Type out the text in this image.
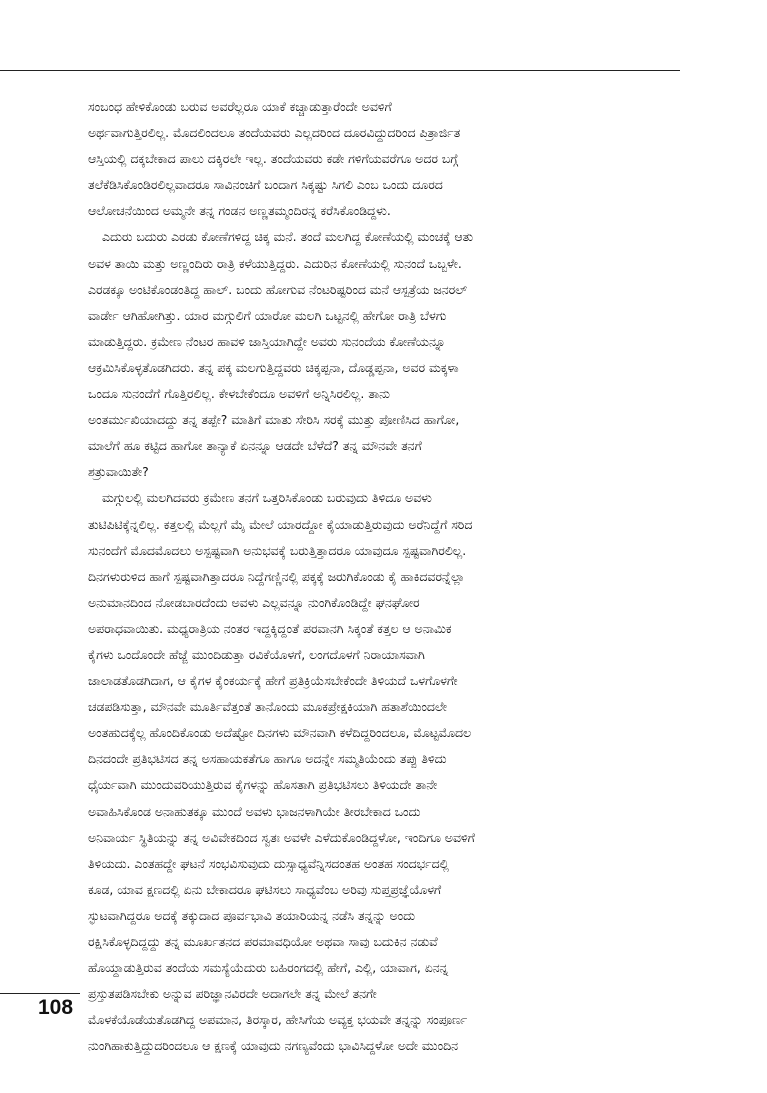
ಸಂಬಂಧ ಹೇಳಿಕೊಂಡು ಬರುವ ಅವರೆಲ್ಲರೂ ಯಾಕೆ ಕಚ್ಚಾಡುತ್ತಾರೆಂದೇ ಅವಳಿಗೆ
ಅರ್ಥವಾಗುತ್ತಿರಲಿಲ್ಲ. ಮೊದಲಿಂದಲೂ ತಂದೆಯವರು ಎಲ್ಲದರಿಂದ ದೂರವಿದ್ದುದರಿಂದ ಪಿತ್ರಾರ್ಜಿತ
ಆಸ್ತಿಯಲ್ಲಿ ದಕ್ಕಬೇಕಾದ ಪಾಲು ದಕ್ಕಿರಲೇ ಇಲ್ಲ. ತಂದೆಯವರು ಕಡೇ ಗಳಿಗೆಯವರೆಗೂ ಅದರ ಬಗ್ಗೆ
ತಲೆಕೆಡಿಸಿಕೊಂಡಿರಲಿಲ್ಲವಾದರೂ ಸಾವಿನಂಚಿಗೆ ಬಂದಾಗ ಸಿಕ್ಕಷ್ಟು ಸಿಗಲಿ ಎಂಬ ಒಂದು ದೂರದ
ಆಲೋಚನೆಯಿಂದ ಅಮ್ಮನೇ ತನ್ನ ಗಂಡನ ಅಣ್ಣತಮ್ಮಂದಿರನ್ನ ಕರೆಸಿಕೊಂಡಿದ್ದಳು.
ಎದುರು ಬದುರು ಎರಡು ಕೋಣೆಗಳಿದ್ದ ಚಿಕ್ಕ ಮನೆ. ತಂದೆ ಮಲಗಿದ್ದ ಕೋಣೆಯಲ್ಲಿ ಮಂಚಕ್ಕೆ ಆತು
ಅವಳ ತಾಯಿ ಮತ್ತು ಅಣ್ಣಂದಿರು ರಾತ್ರಿ ಕಳೆಯುತ್ತಿದ್ದರು. ಎದುರಿನ ಕೋಣೆಯಲ್ಲಿ ಸುನಂದೆ ಒಬ್ಬಳೇ.
ಎರಡಕ್ಕೂ ಅಂಟಿಕೊಂಡಂತಿದ್ದ ಹಾಲ್. ಬಂದು ಹೋಗುವ ನೆಂಟರಿಷ್ಟರಿಂದ ಮನೆ ಆಸ್ಪತ್ರೆಯ ಜನರಲ್
ವಾರ್ಡೇ ಆಗಿಹೋಗಿತ್ತು. ಯಾರ ಮಗ್ಗುಲಿಗೆ ಯಾರೋ ಮಲಗಿ ಒಟ್ಟನಲ್ಲಿ ಹೇಗೋ ರಾತ್ರಿ ಬೆಳಗು
ಮಾಡುತ್ತಿದ್ದರು. ಕ್ರಮೇಣ ನೆಂಟರ ಹಾವಳಿ ಜಾಸ್ತಿಯಾಗಿದ್ದೇ ಅವರು ಸುನಂದೆಯ ಕೋಣೆಯನ್ನೂ
ಆಕ್ರಮಿಸಿಕೊಳ್ಳತೊಡಗಿದರು. ತನ್ನ ಪಕ್ಕ ಮಲಗುತ್ತಿದ್ದವರು ಚಿಕ್ಕಪ್ಪನಾ, ದೊಡ್ಡಪ್ಪನಾ, ಅವರ ಮಕ್ಕಳಾ
ಒಂದೂ ಸುನಂದೆಗೆ ಗೊತ್ತಿರಲಿಲ್ಲ. ಕೇಳಬೇಕೆಂದೂ ಅವಳಿಗೆ ಅನ್ನಿಸಿರಲಿಲ್ಲ. ತಾನು
ಅಂತರ್ಮುಖಿಯಾದದ್ದು ತನ್ನ ತಪ್ಪೇ? ಮಾತಿಗೆ ಮಾತು ಸೇರಿಸಿ ಸರಕ್ಕೆ ಮುತ್ತು ಪೋಣಿಸಿದ ಹಾಗೋ,
ಮಾಲೆಗೆ ಹೂ ಕಟ್ಟಿದ ಹಾಗೋ ತಾನ್ಯಾಕೆ ಏನನ್ನೂ ಆಡದೇ ಬೆಳೆದೆ? ತನ್ನ ಮೌನವೇ ತನಗೆ
ಶತ್ರುವಾಯಿತೇ?
ಮಗ್ಗುಲಲ್ಲಿ ಮಲಗಿದವರು ಕ್ರಮೇಣ ತನಗೆ ಒತ್ತರಿಸಿಕೊಂಡು ಬರುವುದು ತಿಳಿದೂ ಅವಳು
ತುಟಿಪಿಟಿಕ್ಕೆನ್ನಲಿಲ್ಲ. ಕತ್ತಲಲ್ಲಿ ಮೆಲ್ಲಗೆ ಮೈ ಮೇಲೆ ಯಾರದ್ದೋ ಕೈಯಾಡುತ್ತಿರುವುದು ಅರೆನಿದ್ದೆಗೆ ಸರಿದ
ಸುನಂದೆಗೆ ಮೊದಮೊದಲು ಅಸ್ಪಷ್ಟವಾಗಿ ಅನುಭವಕ್ಕೆ ಬರುತ್ತಿತ್ತಾದರೂ ಯಾವುದೂ ಸ್ಪಷ್ಟವಾಗಿರಲಿಲ್ಲ.
ದಿನಗಳುರುಳಿದ ಹಾಗೆ ಸ್ಪಷ್ಟವಾಗಿತ್ತಾದರೂ ನಿದ್ದೆಗಣ್ಣಿನಲ್ಲಿ ಪಕ್ಕಕ್ಕೆ ಜರುಗಿಕೊಂಡು ಕೈ ಹಾಕಿದವರನ್ನೆಲ್ಲಾ
ಅನುಮಾನದಿಂದ ನೋಡಬಾರದೆಂದು ಅವಳು ಎಲ್ಲವನ್ನೂ ನುಂಗಿಕೊಂಡಿದ್ದೇ ಘನಘೋರ
ಅಪರಾಧವಾಯಿತು. ಮಧ್ಯರಾತ್ರಿಯ ನಂತರ ಇದ್ದಕ್ಕಿದ್ದಂತೆ ಪರವಾನಗಿ ಸಿಕ್ಕಂತೆ ಕತ್ತಲ ಆ ಅನಾಮಿಕ
ಕೈಗಳು ಒಂದೊಂದೇ ಹೆಜ್ಜೆ ಮುಂದಿಡುತ್ತಾ ರವಿಕೆಯೊಳಗೆ, ಲಂಗದೊಳಗೆ ನಿರಾಯಾಸವಾಗಿ
ಜಾಲಾಡತೊಡಗಿದಾಗ, ಆ ಕೈಗಳ ಕೈಂಕರ್ಯಕ್ಕೆ ಹೇಗೆ ಪ್ರತಿಕ್ರಿಯೆಸಬೇಕೆಂದೇ ತಿಳಿಯದೆ ಒಳಗೊಳಗೇ
ಚಡಪಡಿಸುತ್ತಾ, ಮೌನವೇ ಮೂರ್ತಿವೆತ್ತಂತೆ ತಾನೊಂದು ಮೂಕಪ್ರೇಕ್ಷಕಿಯಾಗಿ ಹತಾಶೆಯಿಂದಲೇ
ಅಂತಹುದಕ್ಕೆಲ್ಲ ಹೊಂದಿಕೊಂಡು ಅದೆಷ್ಟೋ ದಿನಗಳು ಮೌನವಾಗಿ ಕಳೆದಿದ್ದರಿಂದಲೂ, ಮೊಟ್ಟಮೊದಲ
ದಿನದಂದೇ ಪ್ರತಿಭಟಿಸದ ತನ್ನ ಅಸಹಾಯಕತೆಗೂ ಹಾಗೂ ಅದನ್ನೇ ಸಮ್ಮತಿಯೆಂದು ತಪ್ಪು ತಿಳಿದು
ಧೈರ್ಯವಾಗಿ ಮುಂದುವರಿಯುತ್ತಿರುವ ಕೈಗಳನ್ನು ಹೊಸತಾಗಿ ಪ್ರತಿಭಟಿಸಲು ತಿಳಿಯದೇ ತಾನೇ
ಅವಾಹಿಸಿಕೊಂಡ ಅನಾಹುತಕ್ಕೂ ಮುಂದೆ ಅವಳು ಭಾಜನಳಾಗಿಯೇ ತೀರಬೇಕಾದ ಒಂದು
ಅನಿವಾರ್ಯ ಸ್ಥಿತಿಯನ್ನು ತನ್ನ ಅವಿವೇಕದಿಂದ ಸ್ವತಃ ಅವಳೇ ಎಳೆದುಕೊಂಡಿದ್ದಳೋ, ಇಂದಿಗೂ ಅವಳಿಗೆ
ತಿಳಿಯದು. ಎಂತಹದ್ದೇ ಘಟನೆ ಸಂಭವಿಸುವುದು ದುಸ್ಸಾಧ್ಯವೆನ್ನಿಸದಂತಹ ಅಂತಹ ಸಂದರ್ಭದಲ್ಲಿ
ಕೂಡ, ಯಾವ ಕ್ಷಣದಲ್ಲಿ ಏನು ಬೇಕಾದರೂ ಘಟಿಸಲು ಸಾಧ್ಯವೆಂಬ ಅರಿವು ಸುಪ್ತಪ್ರಜ್ಞೆಯೊಳಗೆ
ಸ್ಫುಟವಾಗಿದ್ದರೂ ಅದಕ್ಕೆ ತಕ್ಕುದಾದ ಪೂರ್ವಭಾವಿ ತಯಾರಿಯನ್ನ ನಡೆಸಿ ತನ್ನನ್ನು ಅಂದು
ರಕ್ಷಿಸಿಕೊಳ್ಳದಿದ್ದದ್ದು ತನ್ನ ಮೂರ್ಖತನದ ಪರಮಾವಧಿಯೋ ಅಥವಾ ಸಾವು ಬದುಕಿನ ನಡುವೆ
ಹೊಯ್ದಾಡುತ್ತಿರುವ ತಂದೆಯ ಸಮಸ್ಯೆಯೆದುರು ಬಹಿರಂಗದಲ್ಲಿ ಹೇಗೆ, ಎಲ್ಲಿ, ಯಾವಾಗ, ಏನನ್ನ
ಪ್ರಸ್ತುತಪಡಿಸಬೇಕು ಅನ್ನುವ ಪರಿಜ್ಞಾನವಿರದೇ ಅದಾಗಲೇ ತನ್ನ ಮೇಲೆ ತನಗೇ
ಮೊಳಕೆಯೊಡೆಯತೊಡಗಿದ್ದ ಅಪಮಾನ, ತಿರಸ್ಕಾರ, ಹೇಸಿಗೆಯ ಅವ್ಯಕ್ತ ಭಯವೇ ತನ್ನನ್ನು ಸಂಪೂರ್ಣ
ನುಂಗಿಹಾಕುತ್ತಿದ್ದುದರಿಂದಲೂ ಆ ಕ್ಷಣಕ್ಕೆ ಯಾವುದು ನಗಣ್ಯವೆಂದು ಭಾವಿಸಿದ್ದಳೋ ಅದೇ ಮುಂದಿನ
108
